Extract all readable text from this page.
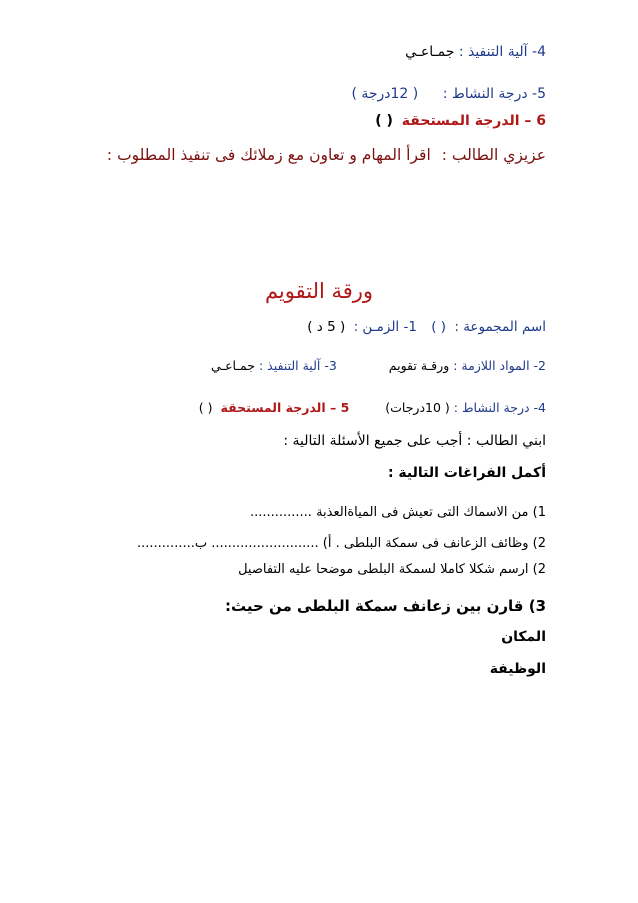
4- آلية التنفيذ : جمـاعـي
5- درجة النشاط : ( 12درجة )
6 – الدرجة المستحقة ( )
عزيزي الطالب : اقرأ المهام و تعاون مع زملائك فى تنفيذ المطلوب :
ورقة التقويم
اسم المجموعة : ( ) 1- الزمـن : ( 5 د )
2- المواد اللازمة : ورقـة تقويم 3- آلية التنفيذ : جمـاعـي
4- درجة النشاط : ( 10درجات) 5 – الدرجة المستحقة ( )
ابني الطالب : أجب على جميع الأسئلة التالية :
أكمل الفراغات التالية :
1) من الاسماك التى تعيش فى المياةالعذبة ...............
2) وظائف الزعانف فى سمكة البلطى . أ) .......................... ب..............
2) ارسم شكلا كاملا لسمكة البلطى موضحا عليه التفاصيل
3) قارن بين زعانف سمكة البلطى من حيث:
المكان
الوظيفة
